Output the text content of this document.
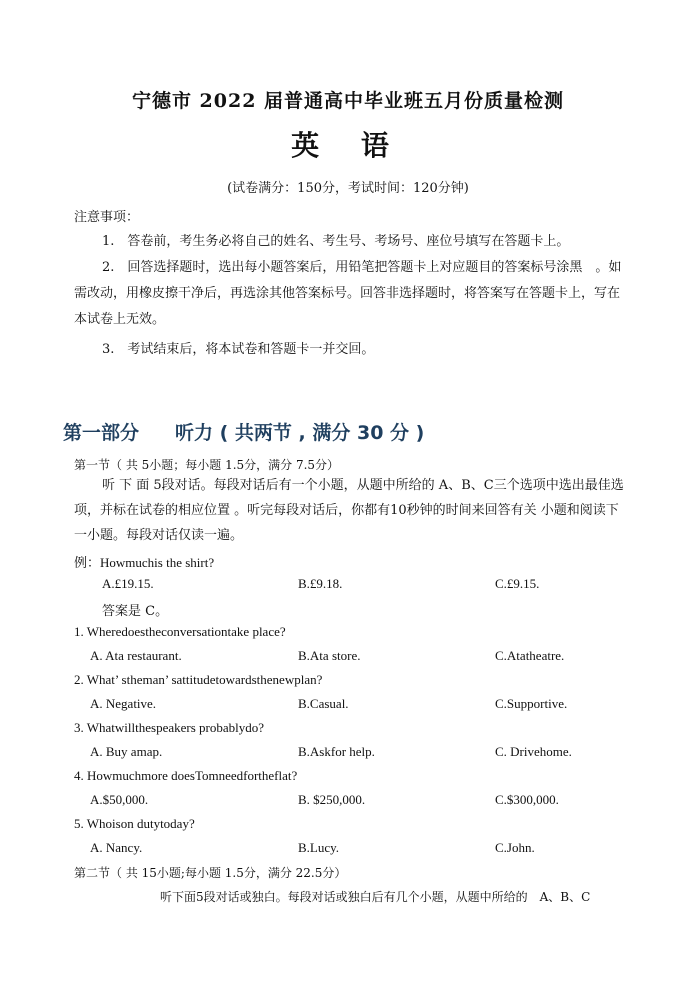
宁德市 2022 届普通高中毕业班五月份质量检测
英 语
(试卷满分：150分，考试时间：120分钟)
注意事项：
1.　答卷前，考生务必将自己的姓名、考生号、考场号、座位号填写在答题卡上。
2.　回答选择题时，选出每小题答案后，用铅笔把答题卡上对应题目的答案标号涂黑　。如需改动，用橡皮擦干净后，再选涂其他答案标号。回答非选择题时，将答案写在答题卡上，写在本试卷上无效。
3.　考试结束后，将本试卷和答题卡一并交回。
第一部分 听力 ( 共两节 , 满分 30 分 )
第一节（ 共 5小题；每小题 1.5分，满分 7.5分）
听 下 面 5段对话。每段对话后有一个小题，从题中所给的 A、B、C三个选项中选出最佳选项，并标在试卷的相应位置 。听完每段对话后，你都有10秒钟的时间来回答有关 小题和阅读下一小题。每段对话仅读一遍。
例：Howmuchis the shirt?
A.£19.15.	B.£9.18.	C.£9.15.
答案是 C。
1. Wheredoestheconversationtake place?
A. Ata restaurant.	B.Ata store.	C.Atatheatre.
2. What’ stheman’ sattitudetowardsthenewplan?
A. Negative.	B.Casual.	C.Supportive.
3. Whatwillthespeakers probablydo?
A. Buy amap.	B.Askfor help.	C. Drivehome.
4. Howmuchmore doesTomneedfortheflat?
A.$50,000.	B. $250,000.	C.$300,000.
5. Whoison dutytoday?
A. Nancy.	B.Lucy.	C.John.
第二节（ 共 15小题;每小题 1.5分，满分 22.5分）
听下面5段对话或独白。每段对话或独白后有几个小题，从题中所给的　A、B、C
